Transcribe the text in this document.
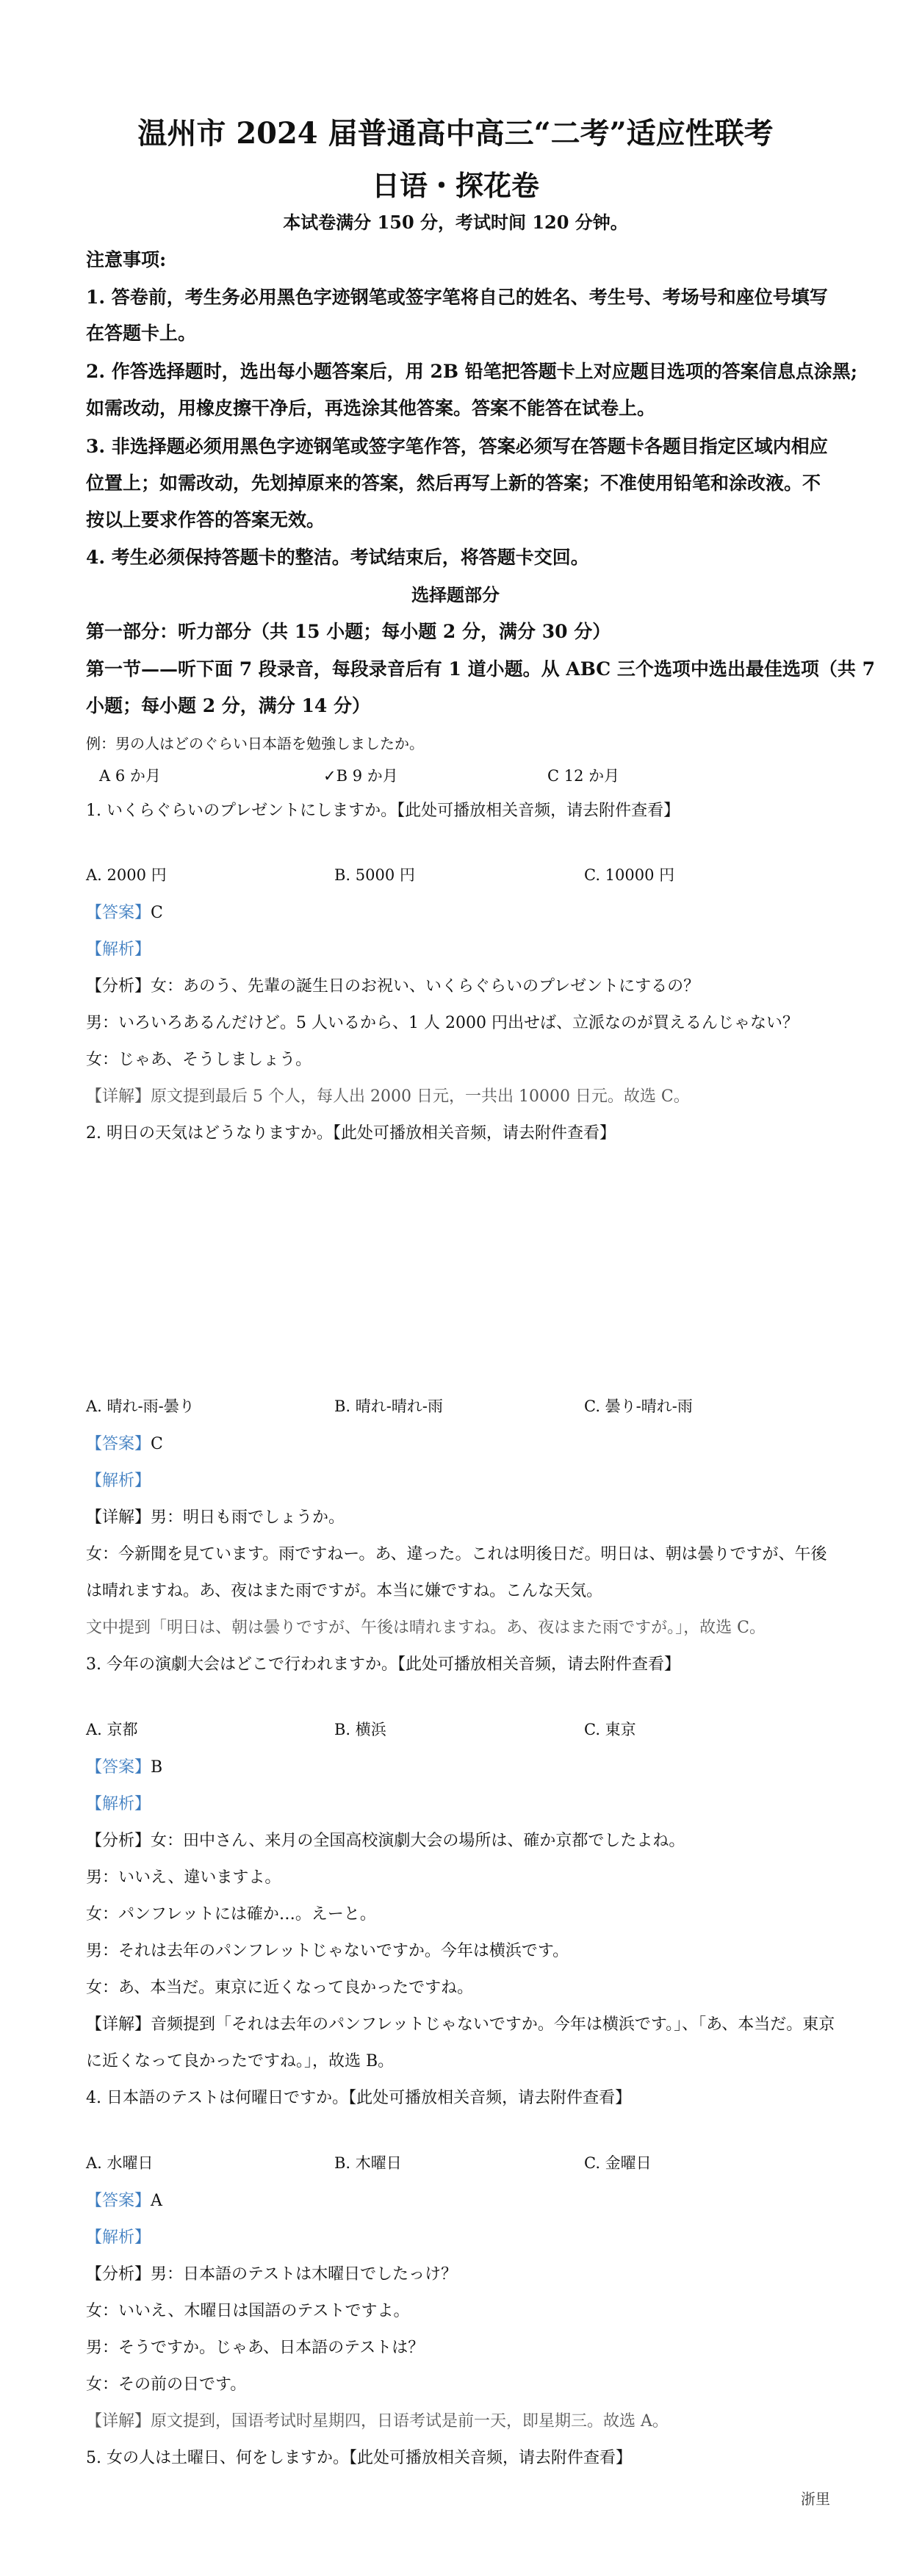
温州市 2024 届普通高中高三“二考”适应性联考
日语・探花卷
本试卷满分 150 分，考试时间 120 分钟。
注意事项:
1. 答卷前，考生务必用黑色字迹钢笔或签字笔将自己的姓名、考生号、考场号和座位号填写
在答题卡上。
2. 作答选择题时，选出每小题答案后，用 2B 铅笔把答题卡上对应题目选项的答案信息点涂黑;
如需改动，用橡皮擦干净后，再选涂其他答案。答案不能答在试卷上。
3. 非选择题必须用黑色字迹钢笔或签字笔作答，答案必须写在答题卡各题目指定区域内相应
位置上；如需改动，先划掉原来的答案，然后再写上新的答案；不准使用铅笔和涂改液。不
按以上要求作答的答案无效。
4. 考生必须保持答题卡的整洁。考试结束后，将答题卡交回。
选择题部分
第一部分：听力部分（共 15 小题；每小题 2 分，满分 30 分）
第一节——听下面 7 段录音，每段录音后有 1 道小题。从 ABC 三个选项中选出最佳选项（共 7
小题；每小题 2 分，满分 14 分）
例：男の人はどのぐらい日本語を勉強しましたか。
A 6 か月	✓B 9 か月	C 12 か月
1. いくらぐらいのプレゼントにしますか。【此处可播放相关音频，请去附件查看】
A. 2000 円	B. 5000 円	C. 10000 円
【答案】C
【解析】
【分析】女：あのう、先輩の誕生日のお祝い、いくらぐらいのプレゼントにするの？
男：いろいろあるんだけど。5 人いるから、1 人 2000 円出せば、立派なのが買えるんじゃない？
女：じゃあ、そうしましょう。
【详解】原文提到最后 5 个人，每人出 2000 日元，一共出 10000 日元。故选 C。
2. 明日の天気はどうなりますか。【此处可播放相关音频，请去附件查看】
A. 晴れ-雨-曇り	B. 晴れ-晴れ-雨	C. 曇り-晴れ-雨
【答案】C
【解析】
【详解】男：明日も雨でしょうか。
女：今新聞を見ています。雨ですねー。あ、違った。これは明後日だ。明日は、朝は曇りですが、午後
は晴れますね。あ、夜はまた雨ですが。本当に嫌ですね。こんな天気。
文中提到「明日は、朝は曇りですが、午後は晴れますね。あ、夜はまた雨ですが。」，故选 C。
3. 今年の演劇大会はどこで行われますか。【此处可播放相关音频，请去附件查看】
A. 京都	B. 横浜	C. 東京
【答案】B
【解析】
【分析】女：田中さん、来月の全国高校演劇大会の場所は、確か京都でしたよね。
男：いいえ、違いますよ。
女：パンフレットには確か…。えーと。
男：それは去年のパンフレットじゃないですか。今年は横浜です。
女：あ、本当だ。東京に近くなって良かったですね。
【详解】音频提到「それは去年のパンフレットじゃないですか。今年は横浜です。」、「あ、本当だ。東京
に近くなって良かったですね。」，故选 B。
4. 日本語のテストは何曜日ですか。【此处可播放相关音频，请去附件查看】
A. 水曜日	B. 木曜日	C. 金曜日
【答案】A
【解析】
【分析】男：日本語のテストは木曜日でしたっけ？
女：いいえ、木曜日は国語のテストですよ。
男：そうですか。じゃあ、日本語のテストは？
女：その前の日です。
【详解】原文提到，国语考试时星期四，日语考试是前一天，即星期三。故选 A。
5. 女の人は土曜日、何をしますか。【此处可播放相关音频，请去附件查看】
浙里
